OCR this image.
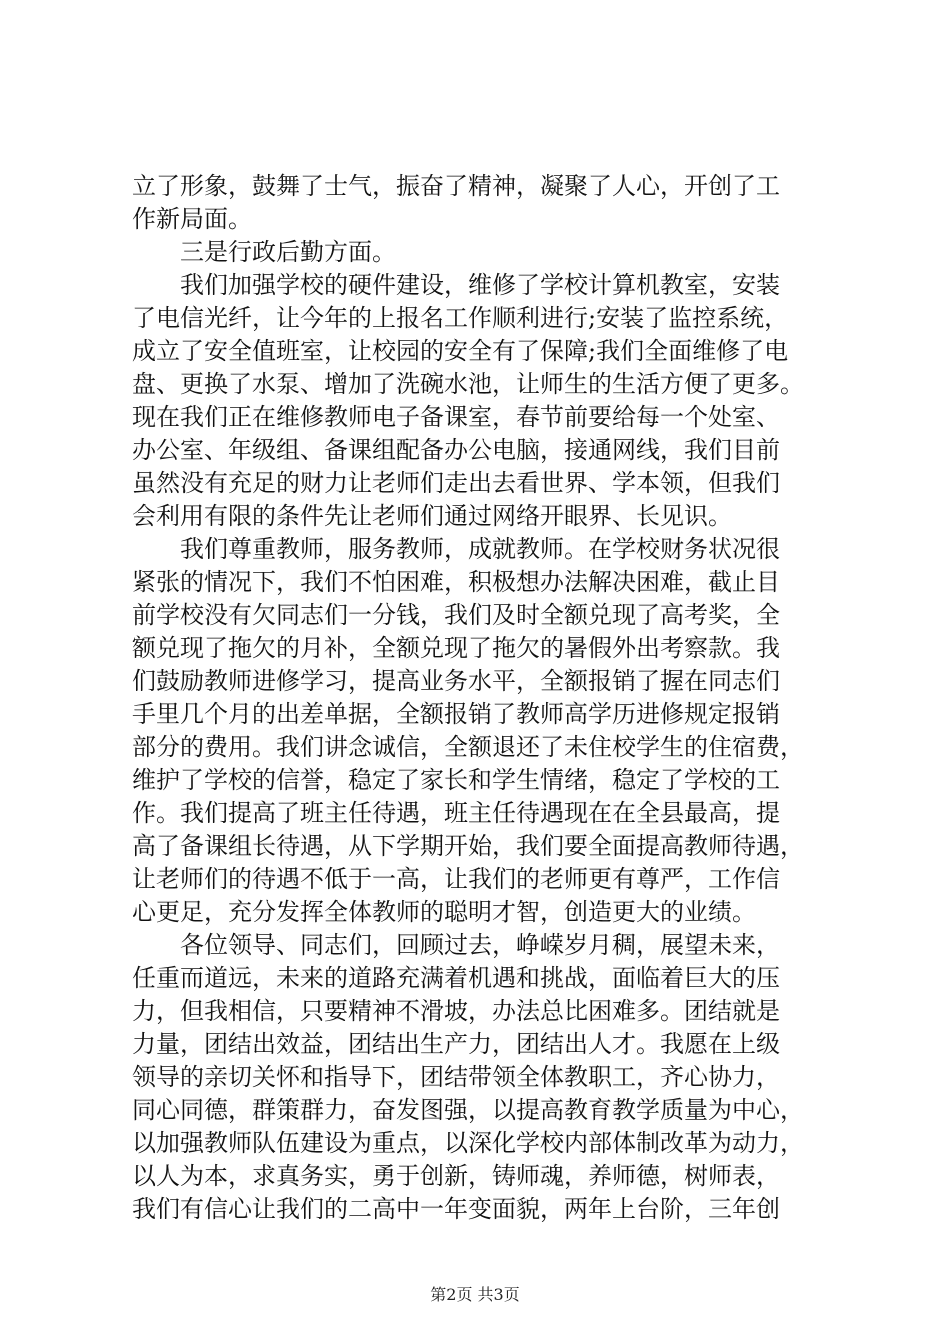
立了形象，鼓舞了士气，振奋了精神，凝聚了人心，开创了工
作新局面。
　　三是行政后勤方面。
　　我们加强学校的硬件建设，维修了学校计算机教室，安装
了电信光纤，让今年的上报名工作顺利进行;安装了监控系统，
成立了安全值班室，让校园的安全有了保障;我们全面维修了电
盘、更换了水泵、增加了洗碗水池，让师生的生活方便了更多。
现在我们正在维修教师电子备课室，春节前要给每一个处室、
办公室、年级组、备课组配备办公电脑，接通网线，我们目前
虽然没有充足的财力让老师们走出去看世界、学本领，但我们
会利用有限的条件先让老师们通过网络开眼界、长见识。
　　我们尊重教师，服务教师，成就教师。在学校财务状况很
紧张的情况下，我们不怕困难，积极想办法解决困难，截止目
前学校没有欠同志们一分钱，我们及时全额兑现了高考奖，全
额兑现了拖欠的月补，全额兑现了拖欠的暑假外出考察款。我
们鼓励教师进修学习，提高业务水平，全额报销了握在同志们
手里几个月的出差单据，全额报销了教师高学历进修规定报销
部分的费用。我们讲念诚信，全额退还了未住校学生的住宿费，
维护了学校的信誉，稳定了家长和学生情绪，稳定了学校的工
作。我们提高了班主任待遇，班主任待遇现在在全县最高，提
高了备课组长待遇，从下学期开始，我们要全面提高教师待遇，
让老师们的待遇不低于一高，让我们的老师更有尊严，工作信
心更足，充分发挥全体教师的聪明才智，创造更大的业绩。
　　各位领导、同志们，回顾过去，峥嵘岁月稠，展望未来，
任重而道远，未来的道路充满着机遇和挑战，面临着巨大的压
力，但我相信，只要精神不滑坡，办法总比困难多。团结就是
力量，团结出效益，团结出生产力，团结出人才。我愿在上级
领导的亲切关怀和指导下，团结带领全体教职工，齐心协力，
同心同德，群策群力，奋发图强，以提高教育教学质量为中心，
以加强教师队伍建设为重点，以深化学校内部体制改革为动力，
以人为本，求真务实，勇于创新，铸师魂，养师德，树师表，
我们有信心让我们的二高中一年变面貌，两年上台阶，三年创
第2页 共3页
